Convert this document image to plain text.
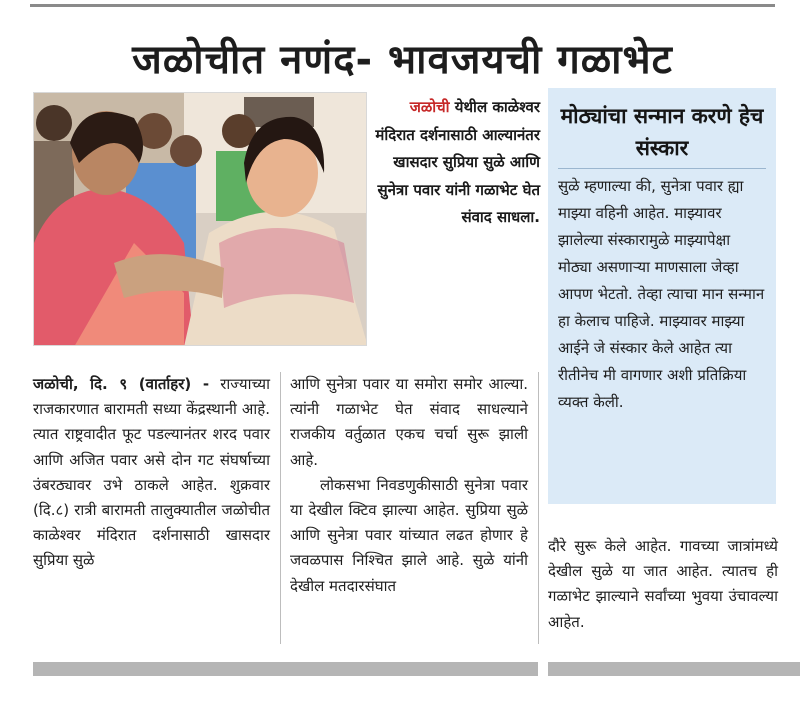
जळोचीत नणंद- भावजयची गळाभेट
जळोची येथील काळेश्वर मंदिरात दर्शनासाठी आल्यानंतर खासदार सुप्रिया सुळे आणि सुनेत्रा पवार यांनी गळाभेट घेत संवाद साधला.
मोठ्यांचा सन्मान करणे हेच संस्कार

सुळे म्हणाल्या की, सुनेत्रा पवार ह्या माझ्या वहिनी आहेत. माझ्यावर झालेल्या संस्कारामुळे माझ्यापेक्षा मोठ्या असणाऱ्या माणसाला जेव्हा आपण भेटतो. तेव्हा त्याचा मान सन्मान हा केलाच पाहिजे. माझ्यावर माझ्या आईने जे संस्कार केले आहेत त्या रीतीनेच मी वागणार अशी प्रतिक्रिया व्यक्त केली.

जळोची, दि. ९ (वार्ताहर) - राज्याच्या राजकारणात बारामती सध्या केंद्रस्थानी आहे. त्यात राष्ट्रवादीत फूट पडल्यानंतर शरद पवार आणि अजित पवार असे दोन गट संघर्षाच्या उंबरठ्यावर उभे ठाकले आहेत. शुक्रवार (दि.८) रात्री बारामती तालुक्यातील जळोचीत काळेश्वर मंदिरात दर्शनासाठी खासदार सुप्रिया सुळे

आणि सुनेत्रा पवार या समोरा समोर आल्या. त्यांनी गळाभेट घेत संवाद साधल्याने राजकीय वर्तुळात एकच चर्चा सुरू झाली आहे.

लोकसभा निवडणुकीसाठी सुनेत्रा पवार या देखील क्टिव झाल्या आहेत. सुप्रिया सुळे आणि सुनेत्रा पवार यांच्यात लढत होणार हे जवळपास निश्‍चित झाले आहे. सुळे यांनी देखील मतदारसंघात

दौरे सुरू केले आहेत. गावच्या जात्रांमध्ये देखील सुळे या जात आहेत. त्यातच ही गळाभेट झाल्याने सर्वांच्या भुवया उंचावल्या आहेत.
